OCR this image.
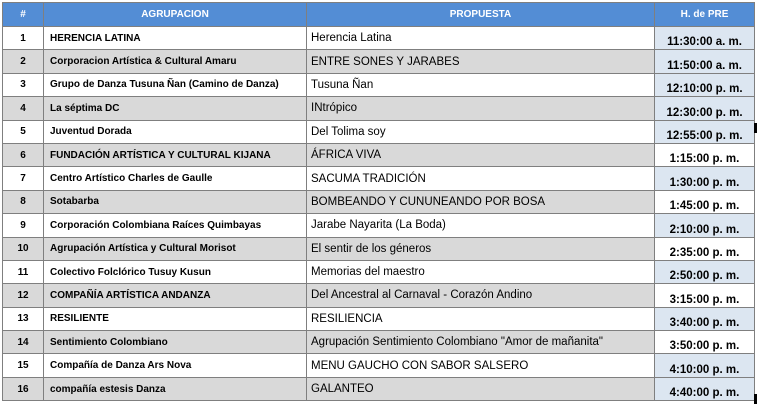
#	AGRUPACION	PROPUESTA	H. de PRE
1	HERENCIA LATINA	Herencia Latina	11:30:00 a. m.
2	Corporacion Artística & Cultural Amaru	ENTRE SONES Y JARABES	11:50:00 a. m.
3	Grupo de Danza Tusuna Ñan (Camino de Danza)	Tusuna Ñan	12:10:00 p. m.
4	La séptima DC	INtrópico	12:30:00 p. m.
5	Juventud Dorada	Del Tolima soy	12:55:00 p. m.
6	FUNDACIÓN ARTÍSTICA Y CULTURAL KIJANA	ÁFRICA VIVA	1:15:00 p. m.
7	Centro Artístico Charles de Gaulle	SACUMA TRADICIÓN	1:30:00 p. m.
8	Sotabarba	BOMBEANDO Y CUNUNEANDO POR BOSA	1:45:00 p. m.
9	Corporación Colombiana Raíces Quimbayas	Jarabe Nayarita (La Boda)	2:10:00 p. m.
10	Agrupación Artística y Cultural Morisot	El sentir de los géneros	2:35:00 p. m.
11	Colectivo Folclórico Tusuy Kusun	Memorias del maestro	2:50:00 p. m.
12	COMPAÑÍA ARTÍSTICA ANDANZA	Del Ancestral al Carnaval - Corazón Andino	3:15:00 p. m.
13	RESILIENTE	RESILIENCIA	3:40:00 p. m.
14	Sentimiento Colombiano	Agrupación Sentimiento Colombiano "Amor de mañanita"	3:50:00 p. m.
15	Compañía de Danza Ars Nova	MENU GAUCHO CON SABOR SALSERO	4:10:00 p. m.
16	compañía estesis Danza	GALANTEO	4:40:00 p. m.
